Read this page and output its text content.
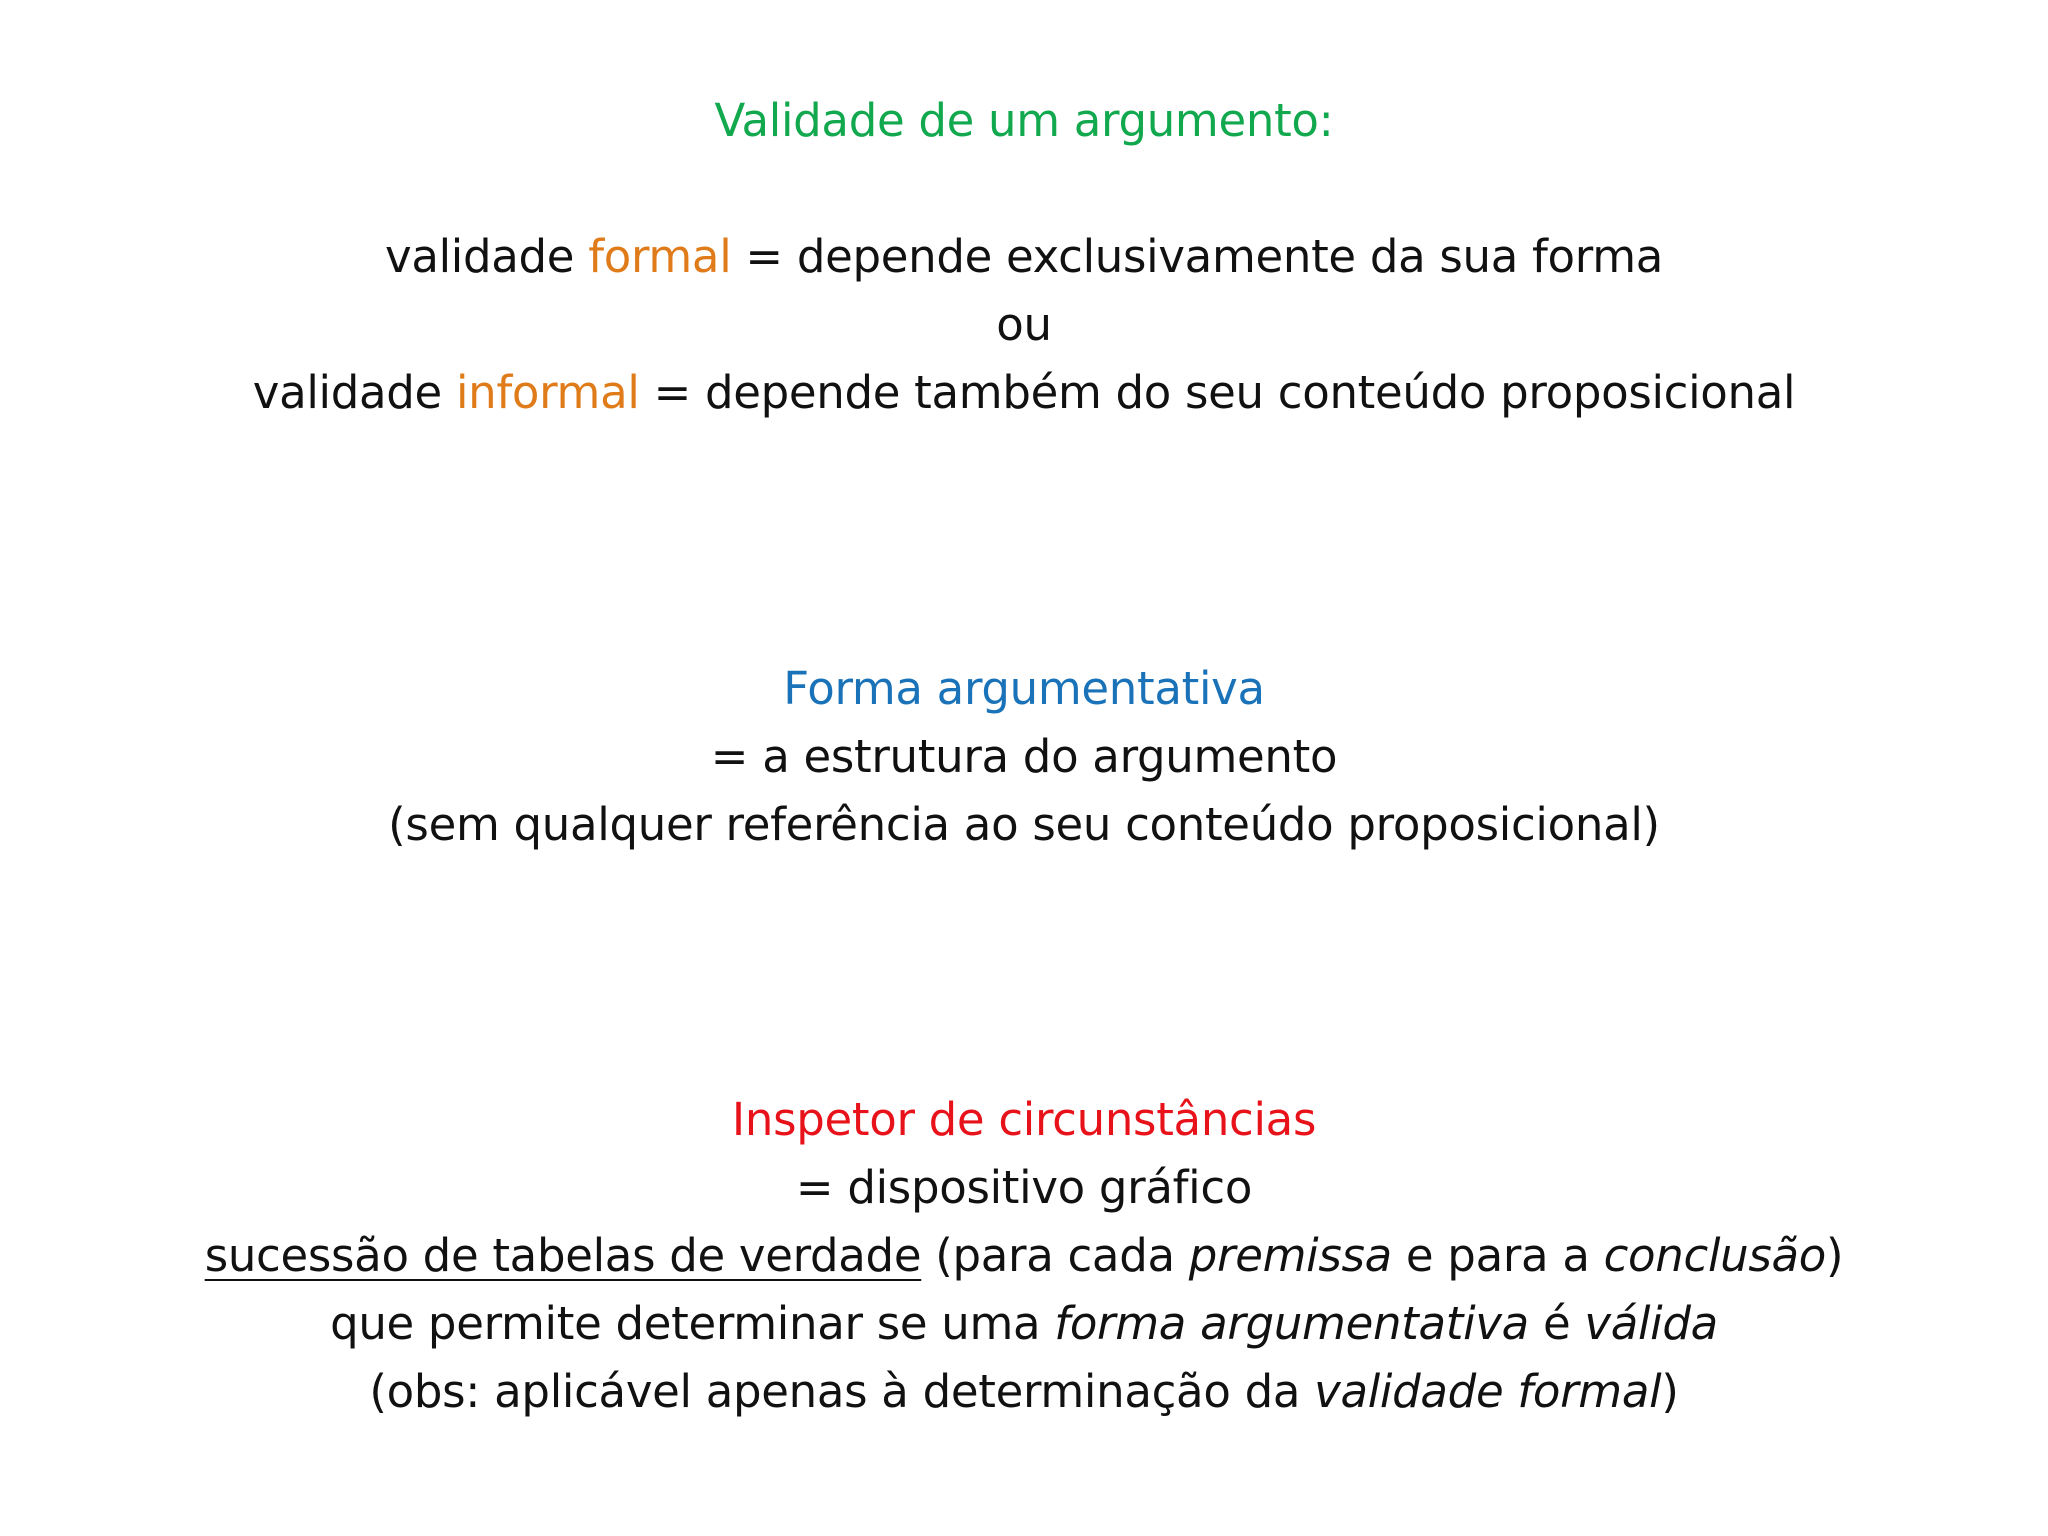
Validade de um argumento:
validade formal = depende exclusivamente da sua forma
ou
validade informal = depende também do seu conteúdo proposicional
Forma argumentativa
= a estrutura do argumento
(sem qualquer referência ao seu conteúdo proposicional)
Inspetor de circunstâncias
= dispositivo gráfico
sucessão de tabelas de verdade (para cada premissa e para a conclusão)
que permite determinar se uma forma argumentativa é válida
(obs: aplicável apenas à determinação da validade formal)
